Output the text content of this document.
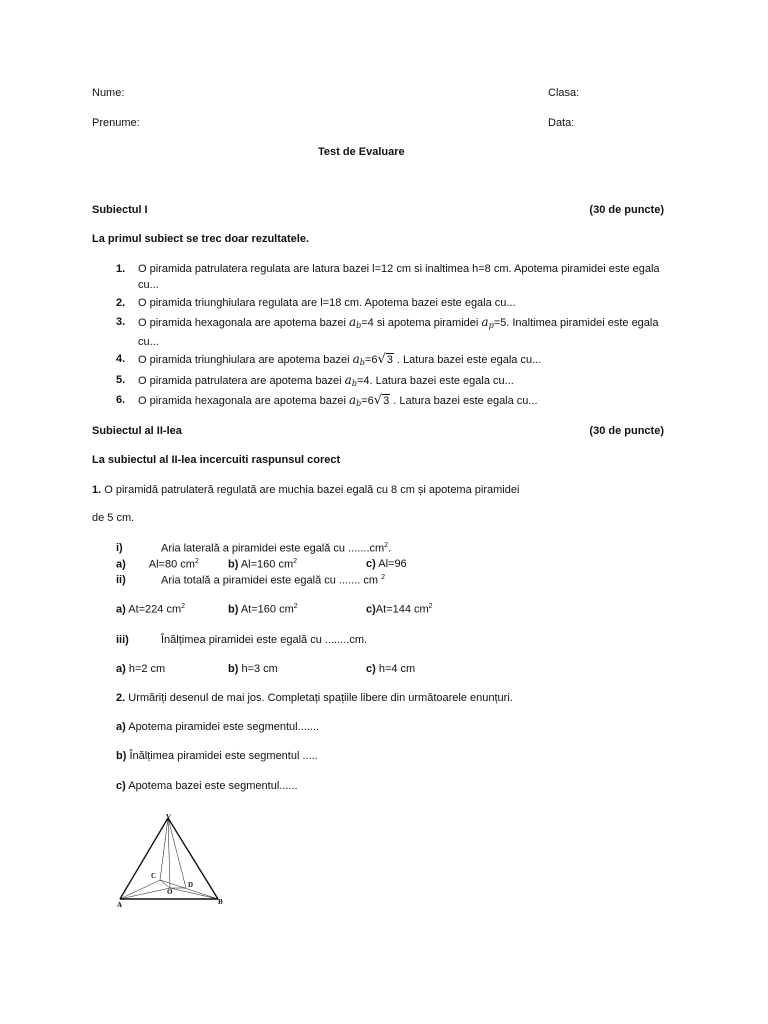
Nume:	Clasa:
Prenume:	Data:
Test de Evaluare
Subiectul I	(30 de puncte)
La primul subiect se trec doar rezultatele.
1. O piramida patrulatera regulata are latura bazei l=12 cm si inaltimea h=8 cm. Apotema piramidei este egala cu...
2. O piramida triunghiulara regulata are l=18 cm. Apotema bazei este egala cu...
3. O piramida hexagonala are apotema bazei $a_b=4$ si apotema piramidei $a_p=5$. Inaltimea piramidei este egala cu...
4. O piramida triunghiulara are apotema bazei $a_b=6√3$ . Latura bazei este egala cu...
5. O piramida patrulatera are apotema bazei $a_b=4$. Latura bazei este egala cu...
6. O piramida hexagonala are apotema bazei $a_b=6√3$ . Latura bazei este egala cu...
Subiectul al II-lea	(30 de puncte)
La subiectul al II-lea incercuiti raspunsul corect
1. O piramidă patrulateră regulată are muchia bazei egală cu 8 cm și apotema piramidei
de 5 cm.
i)	Aria laterală a piramidei este egală cu $.......cm^2$.
a) Al=80 $cm^2$	b) Al=160 $cm^2$	c) Al=96
ii)	Aria totală a piramidei este egală cu ....... cm $^2$
a) At=224 $cm^2$	b) At=160 $cm^2$	c)At=144 $cm^2$
iii)	Înălțimea piramidei este egală cu ........cm.
a) h=2 cm	b) h=3 cm	c) h=4 cm
2. Urmăriți desenul de mai jos. Completați spațiile libere din următoarele enunțuri.
a) Apotema piramidei este segmentul.......
b) Înălțimea piramidei este segmentul .....
c) Apotema bazei este segmentul......
V
A	B
C
O
D
